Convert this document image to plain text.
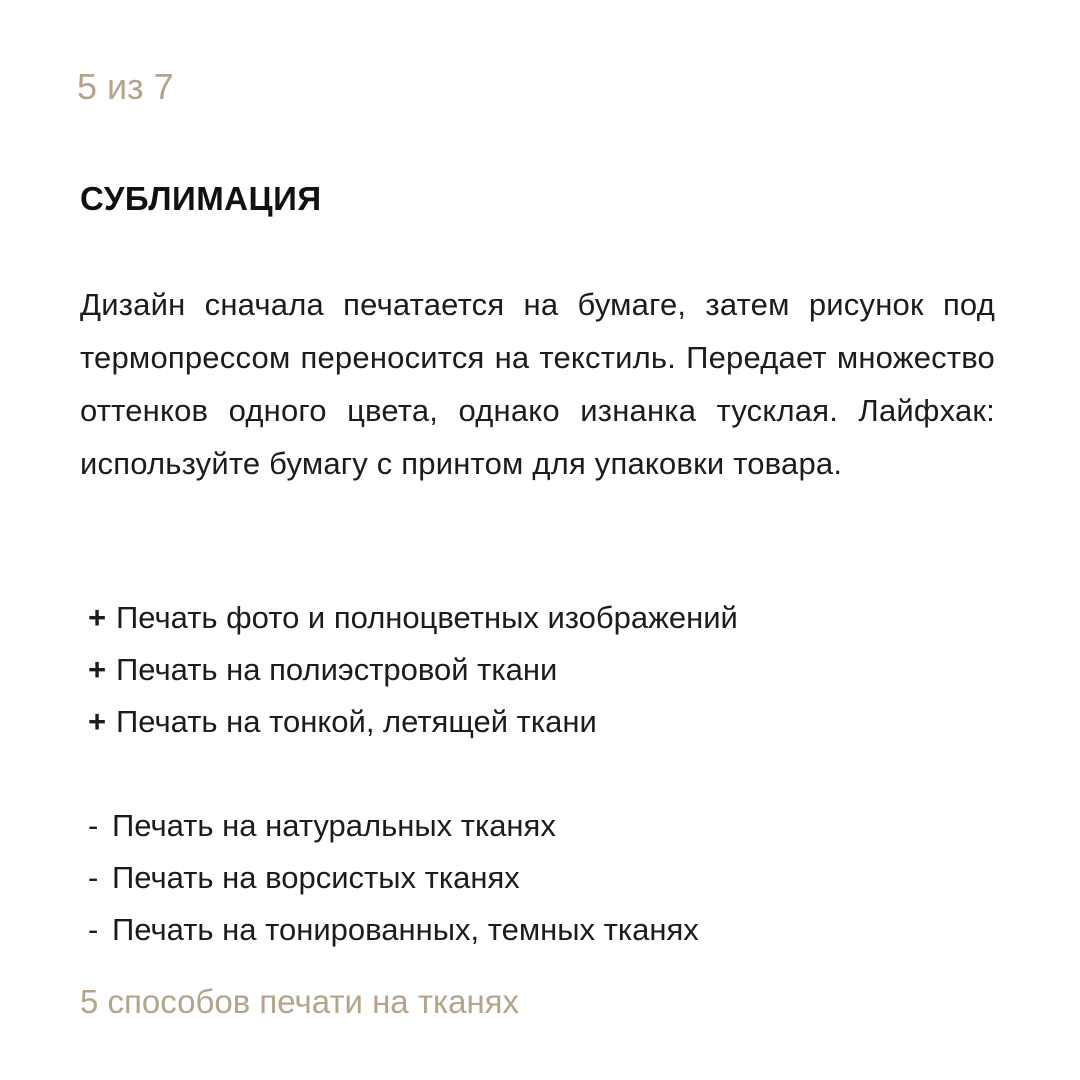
5 из 7
СУБЛИМАЦИЯ

Дизайн сначала печатается на бумаге, затем рисунок под термопрессом переносится на текстиль. Передает множество оттенков одного цвета, однако изнанка тусклая. Лайфхак: используйте бумагу с принтом для упаковки товара.

+ Печать фото и полноцветных изображений
+ Печать на полиэстровой ткани
+ Печать на тонкой, летящей ткани
- Печать на натуральных тканях
- Печать на ворсистых тканях
- Печать на тонированных, темных тканях
5 способов печати на тканях
